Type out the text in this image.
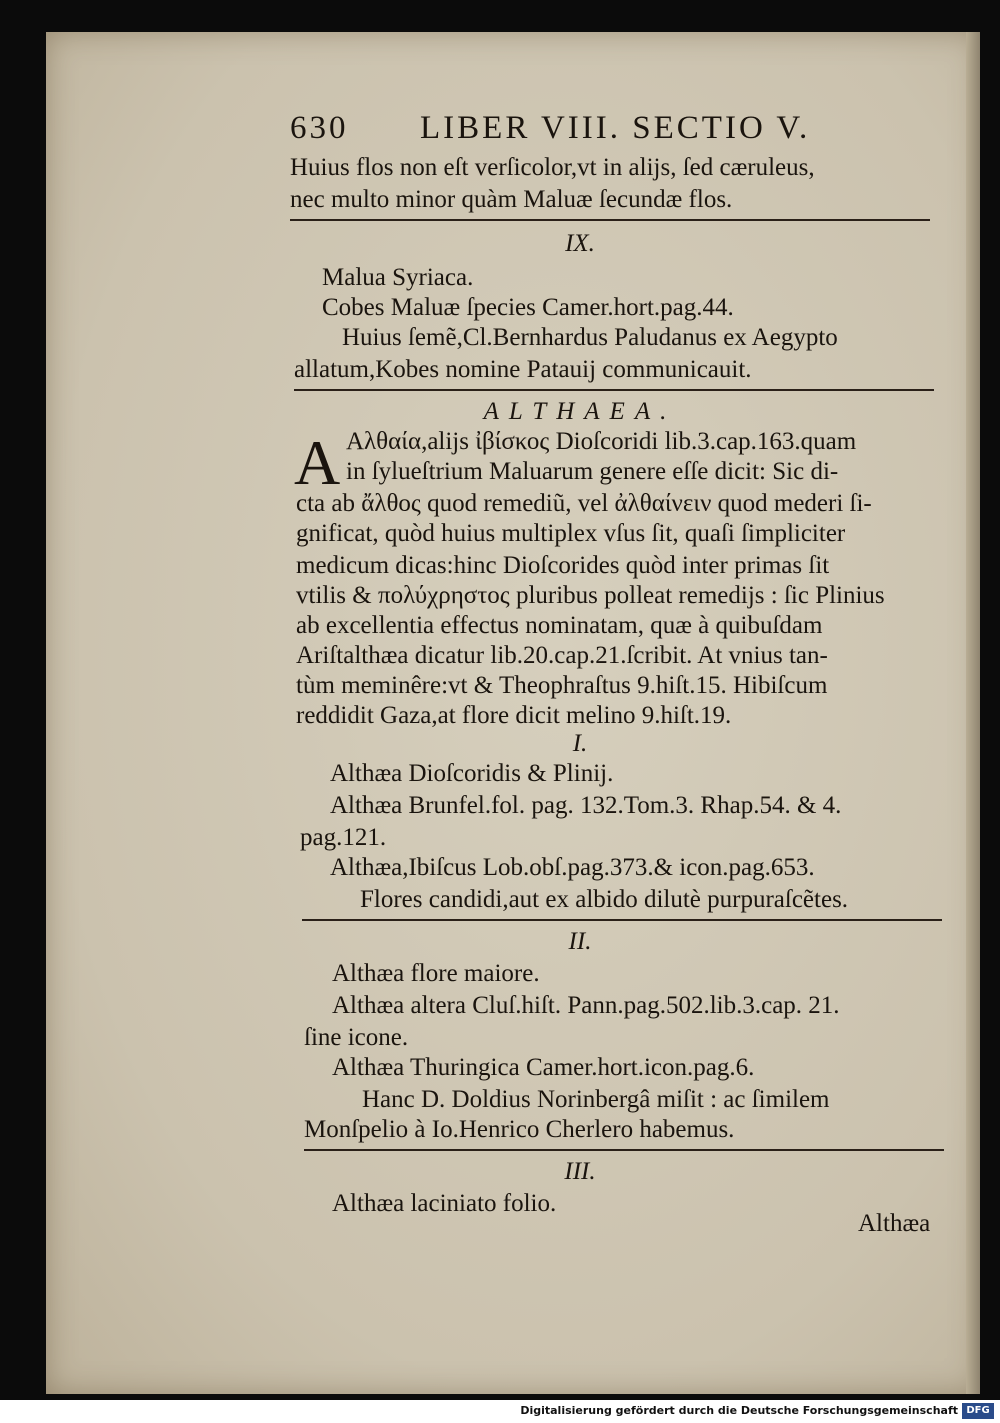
630 LIBER VIII. SECTIO V.
Huius flos non eſt verſicolor,vt in alijs, ſed cæruleus,
nec multo minor quàm Maluæ ſecundæ flos.
IX.
Malua Syriaca.
Cobes Maluæ ſpecies Camer.hort.pag.44.
Huius ſemẽ,Cl.Bernhardus Paludanus ex Aegypto
allatum,Kobes nomine Patauij communicauit.
ALTHAEA.
A Αλθαία,alijs ἰβίσκος Dioſcoridi lib.3.cap.163.quam
in ſylueſtrium Maluarum genere eſſe dicit: Sic di-
cta ab ἄλθος quod remediũ, vel ἀλθαίνειν quod mederi ſi-
gnificat, quòd huius multiplex vſus ſit, quaſi ſimpliciter
medicum dicas:hinc Dioſcorides quòd inter primas ſit
vtilis & πολύχρηστος pluribus polleat remedijs : ſic Plinius
ab excellentia effectus nominatam, quæ à quibuſdam
Ariſtalthæa dicatur lib.20.cap.21.ſcribit. At vnius tan-
tùm meminêre:vt & Theophraſtus 9.hiſt.15. Hibiſcum
reddidit Gaza,at flore dicit melino 9.hiſt.19.
I.
Althæa Dioſcoridis & Plinij.
Althæa Brunfel.fol. pag. 132.Tom.3. Rhap.54. & 4.
pag.121.
Althæa,Ibiſcus Lob.obſ.pag.373.& icon.pag.653.
Flores candidi,aut ex albido dilutè purpuraſcẽtes.
II.
Althæa flore maiore.
Althæa altera Cluſ.hiſt. Pann.pag.502.lib.3.cap. 21.
ſine icone.
Althæa Thuringica Camer.hort.icon.pag.6.
Hanc D. Doldius Norinbergâ miſit : ac ſimilem
Monſpelio à Io.Henrico Cherlero habemus.
III.
Althæa laciniato folio.
Althæa
Digitalisierung gefördert durch die Deutsche Forschungsgemeinschaft DFG
